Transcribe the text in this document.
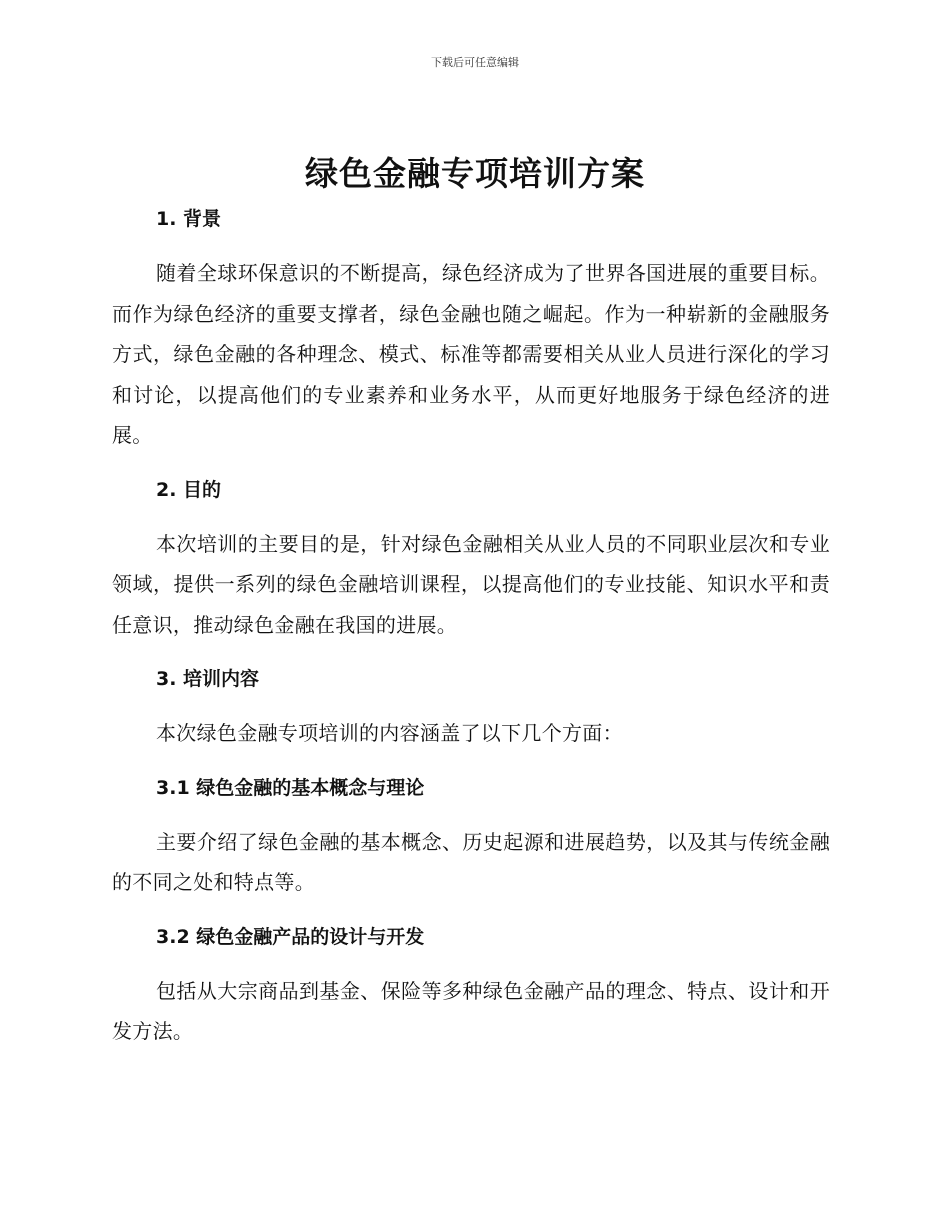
下载后可任意编辑
绿色金融专项培训方案
1. 背景

随着全球环保意识的不断提高，绿色经济成为了世界各国进展的重要目标。而作为绿色经济的重要支撑者，绿色金融也随之崛起。作为一种崭新的金融服务方式，绿色金融的各种理念、模式、标准等都需要相关从业人员进行深化的学习和讨论，以提高他们的专业素养和业务水平，从而更好地服务于绿色经济的进展。

2. 目的

本次培训的主要目的是，针对绿色金融相关从业人员的不同职业层次和专业领域，提供一系列的绿色金融培训课程，以提高他们的专业技能、知识水平和责任意识，推动绿色金融在我国的进展。

3. 培训内容

本次绿色金融专项培训的内容涵盖了以下几个方面：

3.1 绿色金融的基本概念与理论

主要介绍了绿色金融的基本概念、历史起源和进展趋势，以及其与传统金融的不同之处和特点等。

3.2 绿色金融产品的设计与开发

包括从大宗商品到基金、保险等多种绿色金融产品的理念、特点、设计和开发方法。
